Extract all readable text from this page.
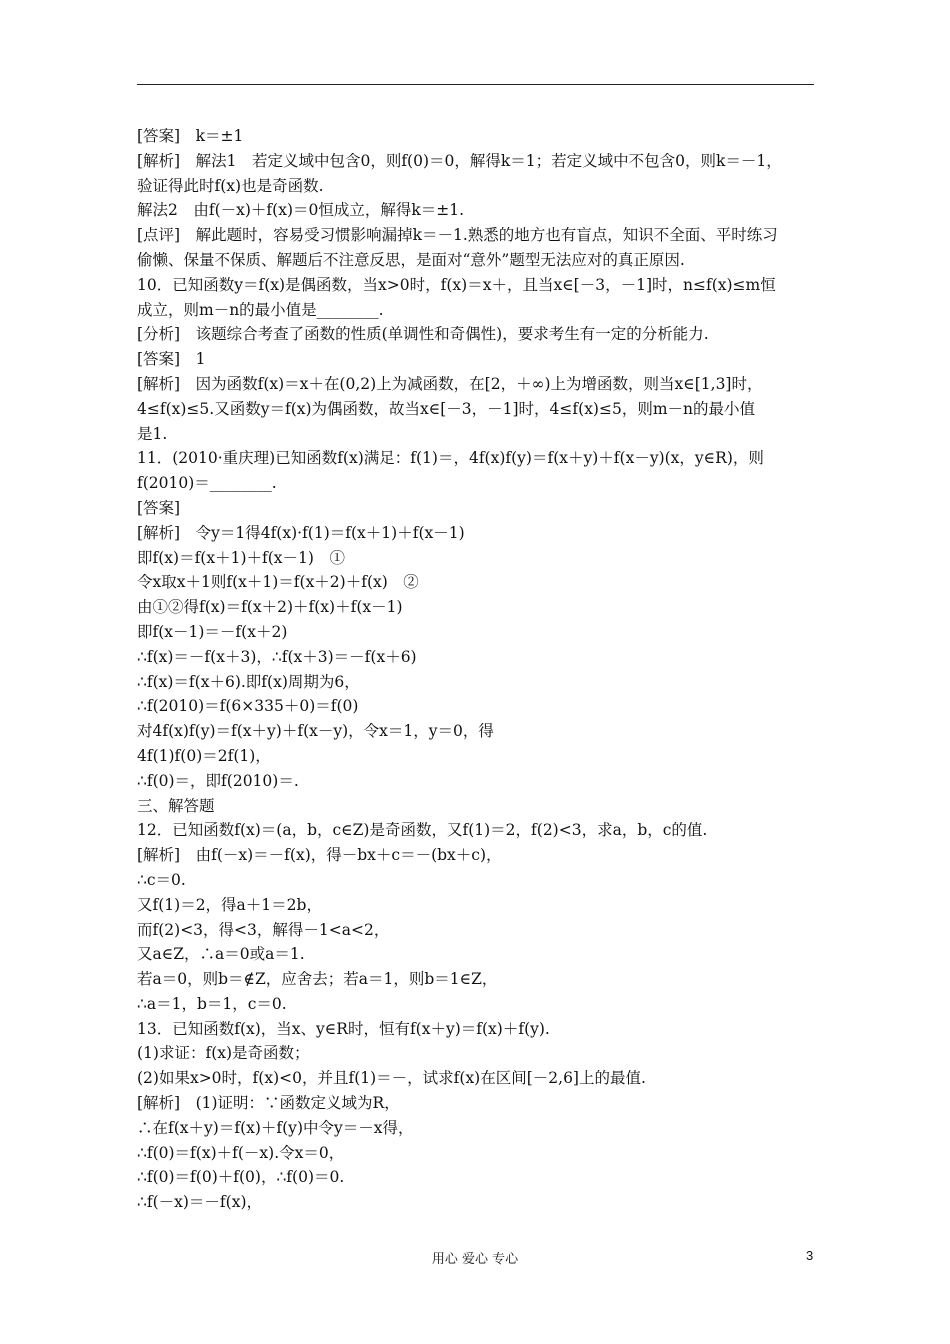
[答案]　k＝±1
[解析]　解法1　若定义域中包含0，则f(0)＝0，解得k＝1；若定义域中不包含0，则k＝－1，
验证得此时f(x)也是奇函数.
解法2　由f(－x)＋f(x)＝0恒成立，解得k＝±1.
[点评]　解此题时，容易受习惯影响漏掉k＝－1.熟悉的地方也有盲点，知识不全面、平时练习
偷懒、保量不保质、解题后不注意反思，是面对“意外”题型无法应对的真正原因.
10．已知函数y＝f(x)是偶函数，当x>0时，f(x)＝x＋，且当x∈[－3，－1]时，n≤f(x)≤m恒
成立，则m－n的最小值是________.
[分析]　该题综合考查了函数的性质(单调性和奇偶性)，要求考生有一定的分析能力.
[答案]　1
[解析]　因为函数f(x)＝x＋在(0,2)上为减函数，在[2，＋∞)上为增函数，则当x∈[1,3]时，
4≤f(x)≤5.又函数y＝f(x)为偶函数，故当x∈[－3，－1]时，4≤f(x)≤5，则m－n的最小值
是1.
11．(2010·重庆理)已知函数f(x)满足：f(1)＝，4f(x)f(y)＝f(x＋y)＋f(x－y)(x，y∈R)，则
f(2010)＝________.
[答案]
[解析]　令y＝1得4f(x)·f(1)＝f(x＋1)＋f(x－1)
即f(x)＝f(x＋1)＋f(x－1)　①
令x取x＋1则f(x＋1)＝f(x＋2)＋f(x)　②
由①②得f(x)＝f(x＋2)＋f(x)＋f(x－1)
即f(x－1)＝－f(x＋2)
∴f(x)＝－f(x＋3)，∴f(x＋3)＝－f(x＋6)
∴f(x)＝f(x＋6).即f(x)周期为6，
∴f(2010)＝f(6×335＋0)＝f(0)
对4f(x)f(y)＝f(x＋y)＋f(x－y)，令x＝1，y＝0，得
4f(1)f(0)＝2f(1)，
∴f(0)＝，即f(2010)＝.
三、解答题
12．已知函数f(x)＝(a，b，c∈Z)是奇函数，又f(1)＝2，f(2)<3，求a，b，c的值.
[解析]　由f(－x)＝－f(x)，得－bx＋c＝－(bx＋c)，
∴c＝0.
又f(1)＝2，得a＋1＝2b，
而f(2)<3，得<3，解得－1<a<2，
又a∈Z，∴a＝0或a＝1.
若a＝0，则b＝∉Z，应舍去；若a＝1，则b＝1∈Z，
∴a＝1，b＝1，c＝0.
13．已知函数f(x)，当x、y∈R时，恒有f(x＋y)＝f(x)＋f(y).
(1)求证：f(x)是奇函数；
(2)如果x>0时，f(x)<0，并且f(1)＝－，试求f(x)在区间[－2,6]上的最值.
[解析]　(1)证明：∵函数定义域为R，
∴在f(x＋y)＝f(x)＋f(y)中令y＝－x得，
∴f(0)＝f(x)＋f(－x).令x＝0，
∴f(0)＝f(0)＋f(0)，∴f(0)＝0.
∴f(－x)＝－f(x)，
用心 爱心 专心	3
